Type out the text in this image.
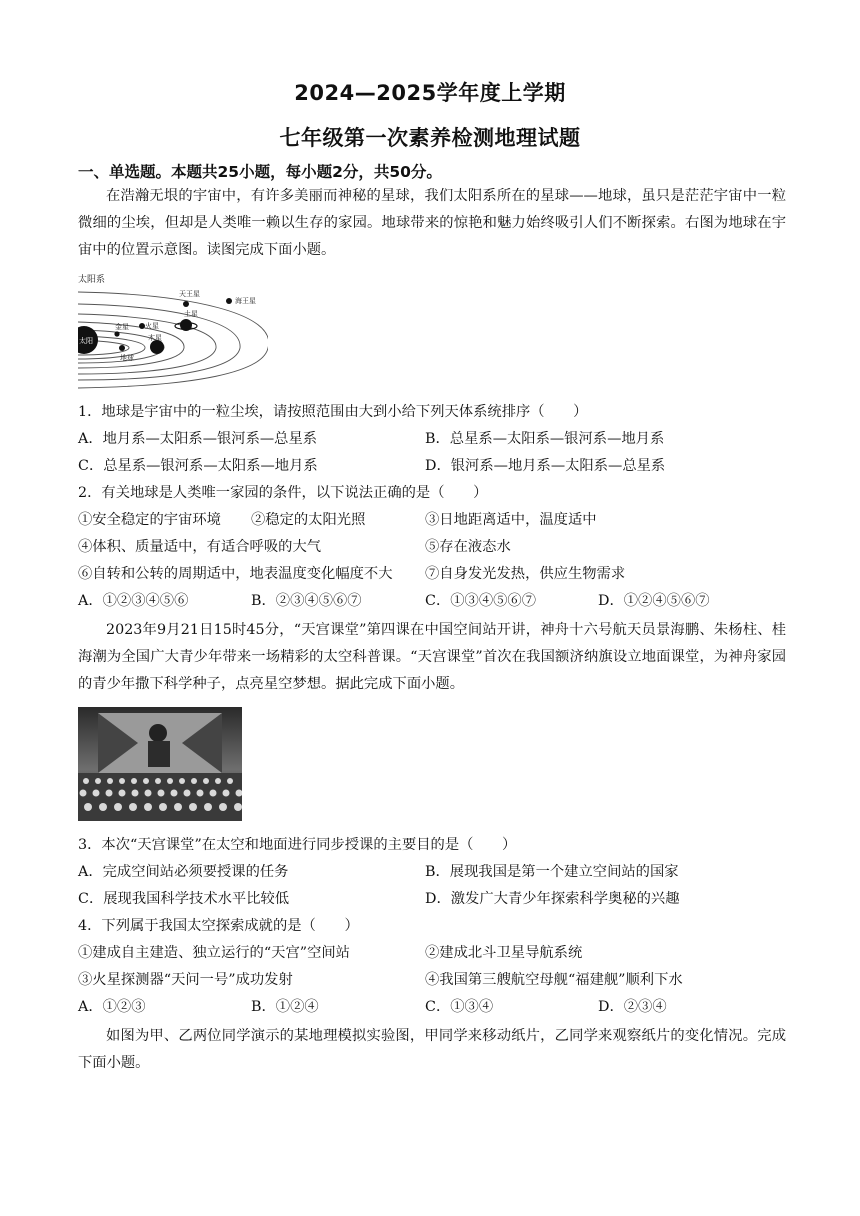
2024—2025学年度上学期
七年级第一次素养检测地理试题
一、单选题。本题共25小题，每小题2分，共50分。
在浩瀚无垠的宇宙中，有许多美丽而神秘的星球，我们太阳系所在的星球——地球，虽只是茫茫宇宙中一粒微细的尘埃，但却是人类唯一赖以生存的家园。地球带来的惊艳和魅力始终吸引人们不断探索。右图为地球在宇宙中的位置示意图。读图完成下面小题。
太阳系
太阳
天王星
海王星
土星
火星
木星
金星
地球
1．地球是宇宙中的一粒尘埃，请按照范围由大到小给下列天体系统排序（　　）
A．地月系—太阳系—银河系—总星系	B．总星系—太阳系—银河系—地月系
C．总星系—银河系—太阳系—地月系	D．银河系—地月系—太阳系—总星系
2．有关地球是人类唯一家园的条件，以下说法正确的是（　　）
①安全稳定的宇宙环境 ②稳定的太阳光照	③日地距离适中，温度适中
④体积、质量适中，有适合呼吸的大气	⑤存在液态水
⑥自转和公转的周期适中，地表温度变化幅度不大 ⑦自身发光发热，供应生物需求
A．①②③④⑤⑥	B．②③④⑤⑥⑦	C．①③④⑤⑥⑦	D．①②④⑤⑥⑦
2023年9月21日15时45分，“天宫课堂”第四课在中国空间站开讲，神舟十六号航天员景海鹏、朱杨柱、桂海潮为全国广大青少年带来一场精彩的太空科普课。“天宫课堂”首次在我国额济纳旗设立地面课堂，为神舟家园的青少年撒下科学种子，点亮星空梦想。据此完成下面小题。
3．本次“天宫课堂”在太空和地面进行同步授课的主要目的是（　　）
A．完成空间站必须要授课的任务	B．展现我国是第一个建立空间站的国家
C．展现我国科学技术水平比较低	D．激发广大青少年探索科学奥秘的兴趣
4．下列属于我国太空探索成就的是（　　）
①建成自主建造、独立运行的“天宫”空间站	②建成北斗卫星导航系统
③火星探测器“天问一号”成功发射	④我国第三艘航空母舰“福建舰”顺利下水
A．①②③	B．①②④	C．①③④	D．②③④
如图为甲、乙两位同学演示的某地理模拟实验图，甲同学来移动纸片，乙同学来观察纸片的变化情况。完成下面小题。
